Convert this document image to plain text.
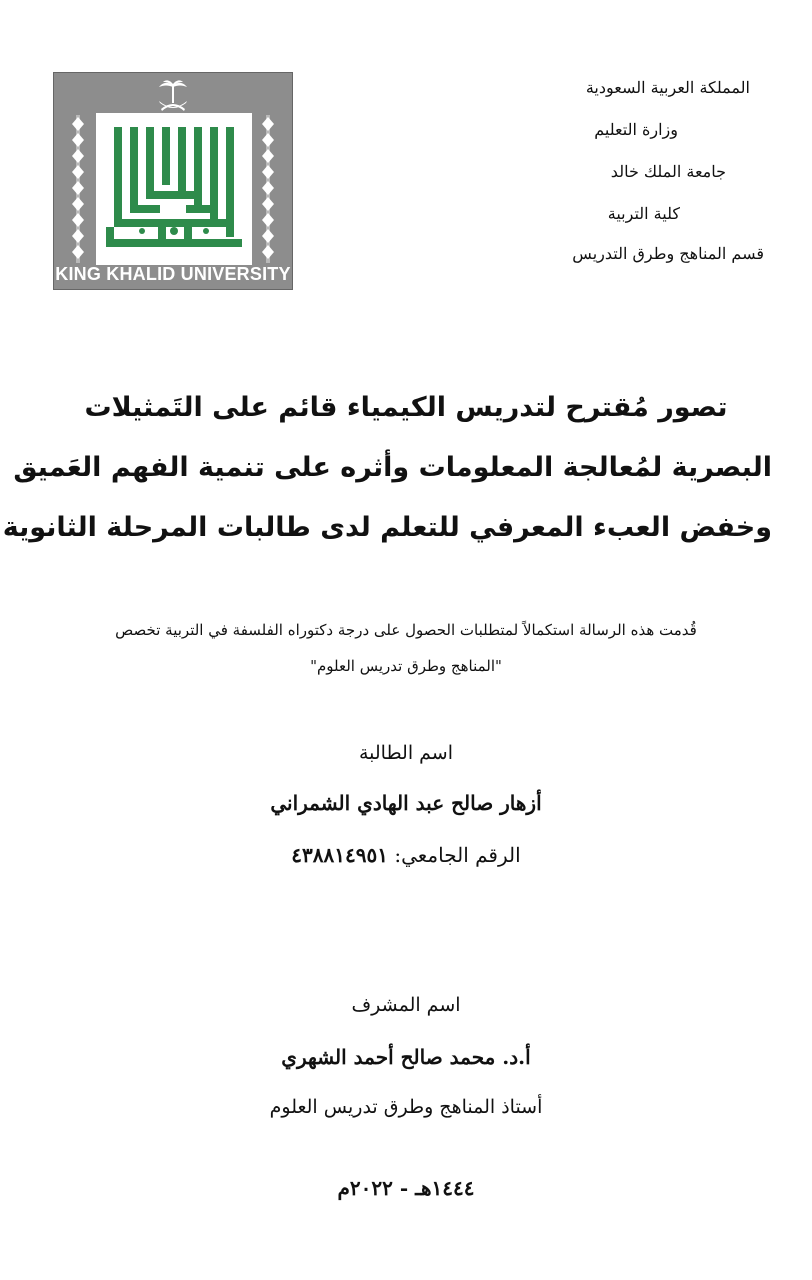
KING KHALID UNIVERSITY
المملكة العربية السعودية
وزارة التعليم
جامعة الملك خالد
كلية التربية
قسم المناهج وطرق التدريس
تصور مُقترح لتدريس الكيمياء قائم على التَمثيلات
البصرية لمُعالجة المعلومات وأثره على تنمية الفهم العَميق
وخفض العبء المعرفي للتعلم لدى طالبات المرحلة الثانوية
قُدمت هذه الرسالة استكمالاً لمتطلبات الحصول على درجة دكتوراه الفلسفة في التربية تخصص
"المناهج وطرق تدريس العلوم"
اسم الطالبة
أزهار صالح عبد الهادي الشمراني
الرقم الجامعي: ٤٣٨٨١٤٩٥١
اسم المشرف
أ.د. محمد صالح أحمد الشهري
أستاذ المناهج وطرق تدريس العلوم
١٤٤٤هـ - ٢٠٢٢م
